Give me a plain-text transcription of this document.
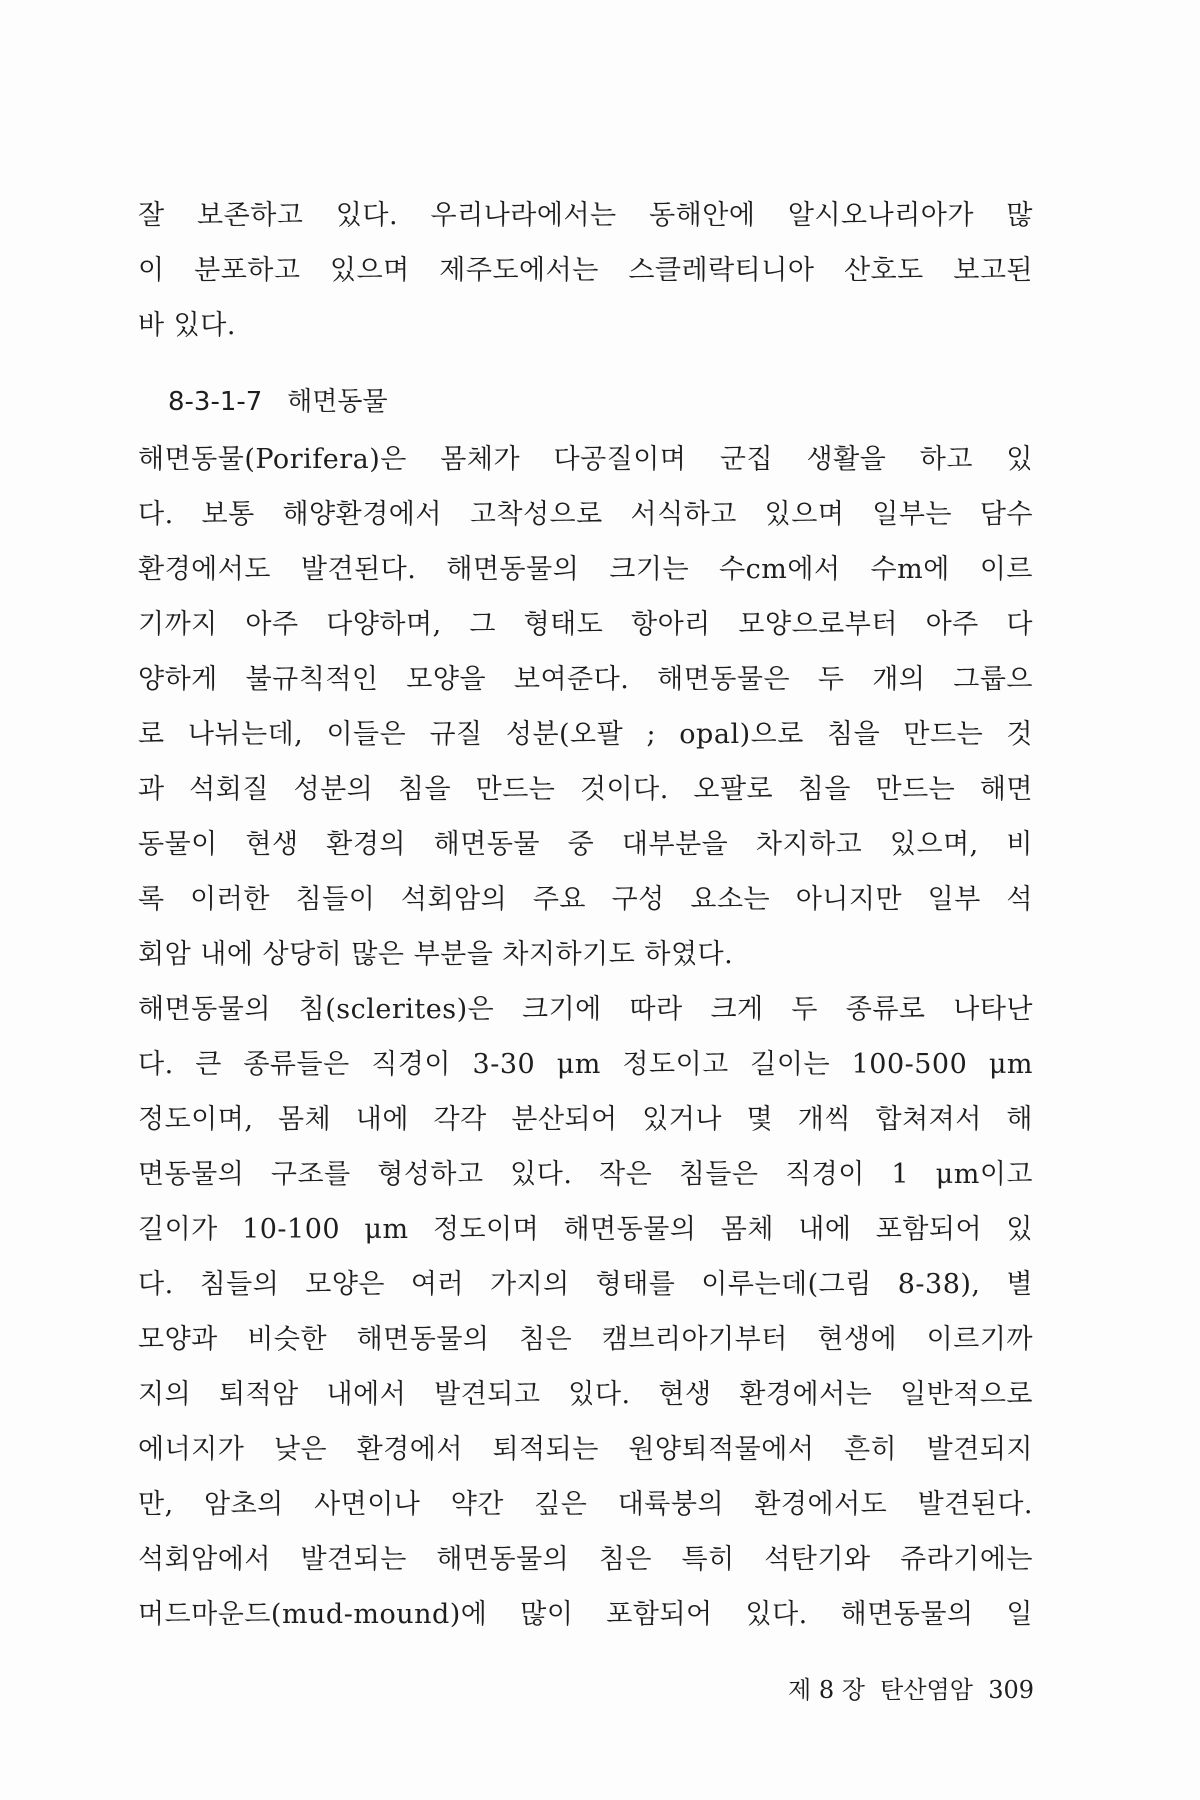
잘 보존하고 있다. 우리나라에서는 동해안에 알시오나리아가 많
이 분포하고 있으며 제주도에서는 스클레락티니아 산호도 보고된
바 있다.
8-3-1-7 해면동물
해면동물(Porifera)은 몸체가 다공질이며 군집 생활을 하고 있
다. 보통 해양환경에서 고착성으로 서식하고 있으며 일부는 담수
환경에서도 발견된다. 해면동물의 크기는 수cm에서 수m에 이르
기까지 아주 다양하며, 그 형태도 항아리 모양으로부터 아주 다
양하게 불규칙적인 모양을 보여준다. 해면동물은 두 개의 그룹으
로 나뉘는데, 이들은 규질 성분(오팔 ; opal)으로 침을 만드는 것
과 석회질 성분의 침을 만드는 것이다. 오팔로 침을 만드는 해면
동물이 현생 환경의 해면동물 중 대부분을 차지하고 있으며, 비
록 이러한 침들이 석회암의 주요 구성 요소는 아니지만 일부 석
회암 내에 상당히 많은 부분을 차지하기도 하였다.
해면동물의 침(sclerites)은 크기에 따라 크게 두 종류로 나타난
다. 큰 종류들은 직경이 3-30 μm 정도이고 길이는 100-500 μm
정도이며, 몸체 내에 각각 분산되어 있거나 몇 개씩 합쳐져서 해
면동물의 구조를 형성하고 있다. 작은 침들은 직경이 1 μm이고
길이가 10-100 μm 정도이며 해면동물의 몸체 내에 포함되어 있
다. 침들의 모양은 여러 가지의 형태를 이루는데(그림 8-38), 별
모양과 비슷한 해면동물의 침은 캠브리아기부터 현생에 이르기까
지의 퇴적암 내에서 발견되고 있다. 현생 환경에서는 일반적으로
에너지가 낮은 환경에서 퇴적되는 원양퇴적물에서 흔히 발견되지
만, 암초의 사면이나 약간 깊은 대륙붕의 환경에서도 발견된다.
석회암에서 발견되는 해면동물의 침은 특히 석탄기와 쥬라기에는
머드마운드(mud-mound)에 많이 포함되어 있다. 해면동물의 일
제 8 장 탄산염암 309
